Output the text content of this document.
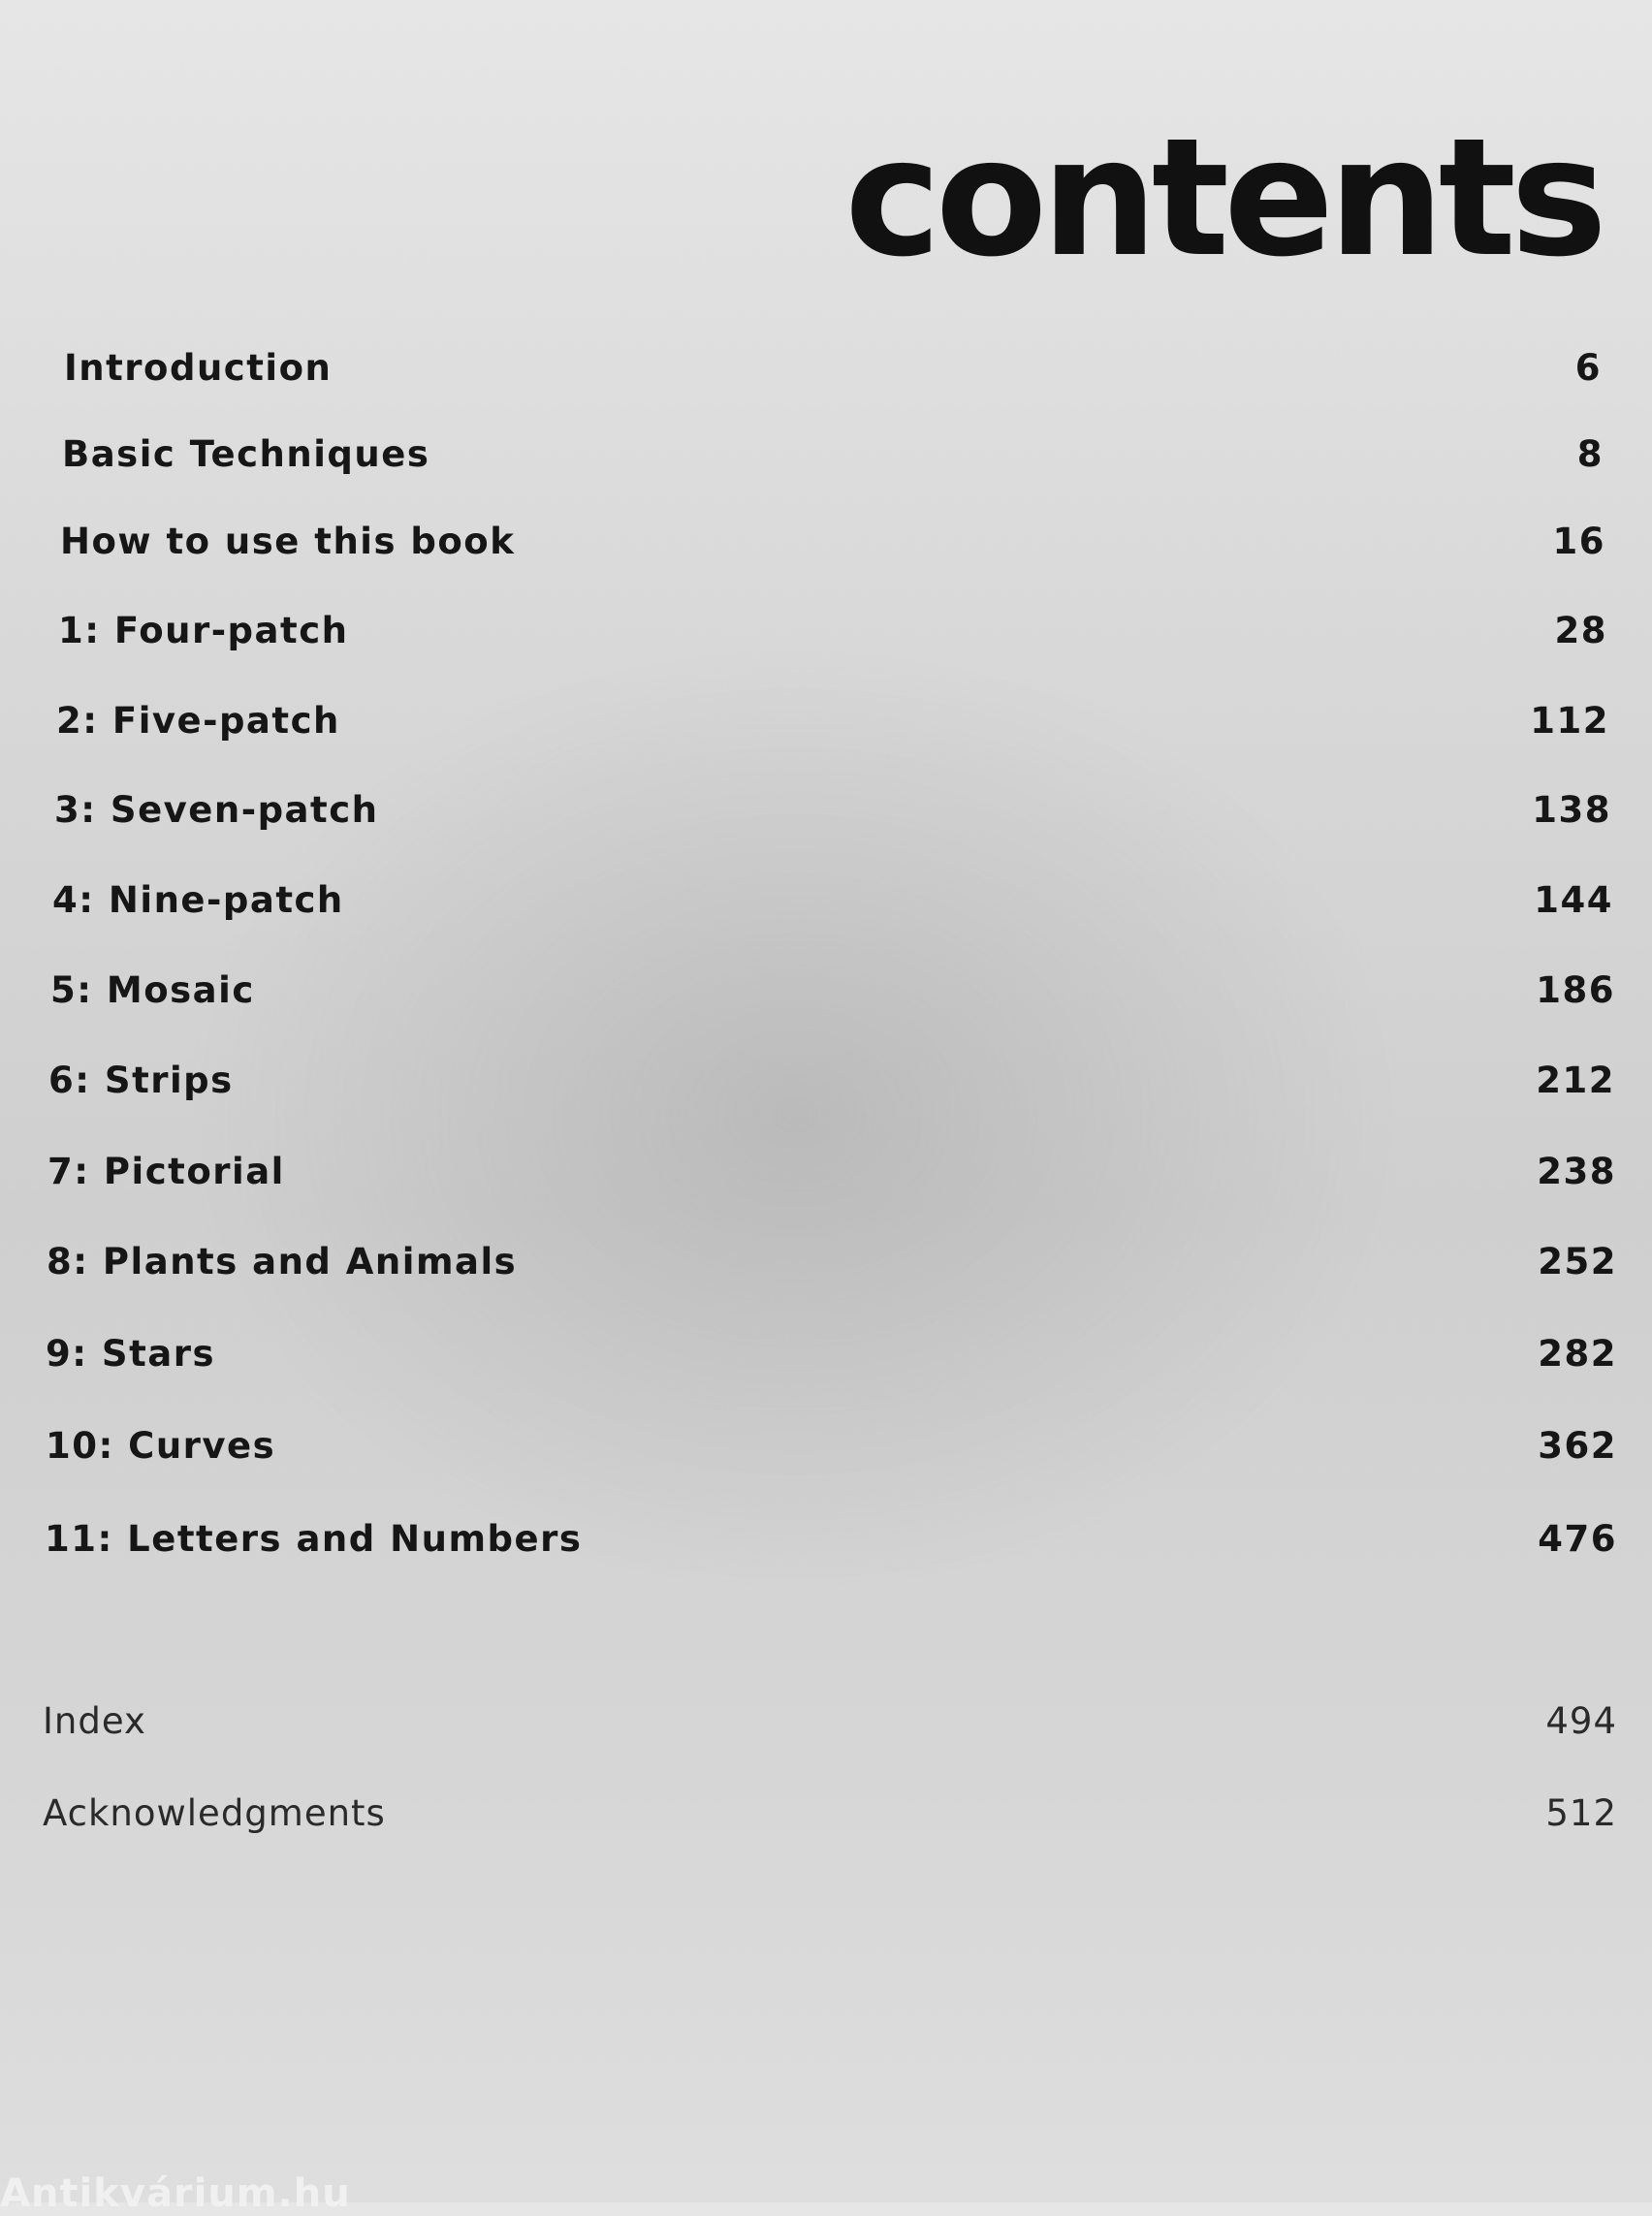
contents
Introduction	6
Basic Techniques	8
How to use this book	16
1: Four-patch	28
2: Five-patch	112
3: Seven-patch	138
4: Nine-patch	144
5: Mosaic	186
6: Strips	212
7: Pictorial	238
8: Plants and Animals	252
9: Stars	282
10: Curves	362
11: Letters and Numbers	476
Index	494
Acknowledgments	512
Antikvárium.hu
